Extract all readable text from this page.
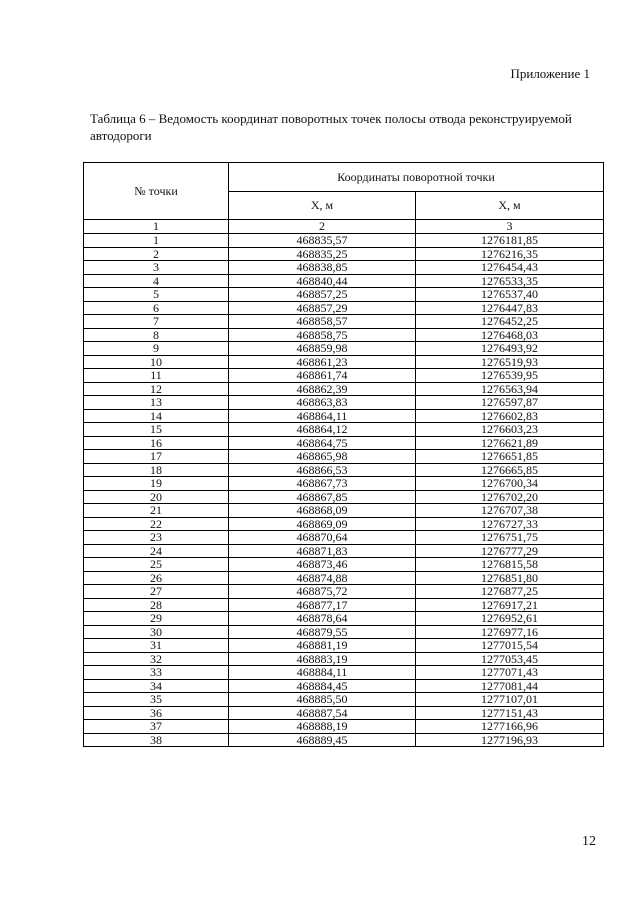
Приложение 1
Таблица 6 – Ведомость координат поворотных точек полосы отвода реконструируемой автодороги
№ точки	Координаты поворотной точки	
	X, м	X, м
1	2	3
1	468835,57	1276181,85
2	468835,25	1276216,35
3	468838,85	1276454,43
4	468840,44	1276533,35
5	468857,25	1276537,40
6	468857,29	1276447,83
7	468858,57	1276452,25
8	468858,75	1276468,03
9	468859,98	1276493,92
10	468861,23	1276519,93
11	468861,74	1276539,95
12	468862,39	1276563,94
13	468863,83	1276597,87
14	468864,11	1276602,83
15	468864,12	1276603,23
16	468864,75	1276621,89
17	468865,98	1276651,85
18	468866,53	1276665,85
19	468867,73	1276700,34
20	468867,85	1276702,20
21	468868,09	1276707,38
22	468869,09	1276727,33
23	468870,64	1276751,75
24	468871,83	1276777,29
25	468873,46	1276815,58
26	468874,88	1276851,80
27	468875,72	1276877,25
28	468877,17	1276917,21
29	468878,64	1276952,61
30	468879,55	1276977,16
31	468881,19	1277015,54
32	468883,19	1277053,45
33	468884,11	1277071,43
34	468884,45	1277081,44
35	468885,50	1277107,01
36	468887,54	1277151,43
37	468888,19	1277166,96
38	468889,45	1277196,93
12
